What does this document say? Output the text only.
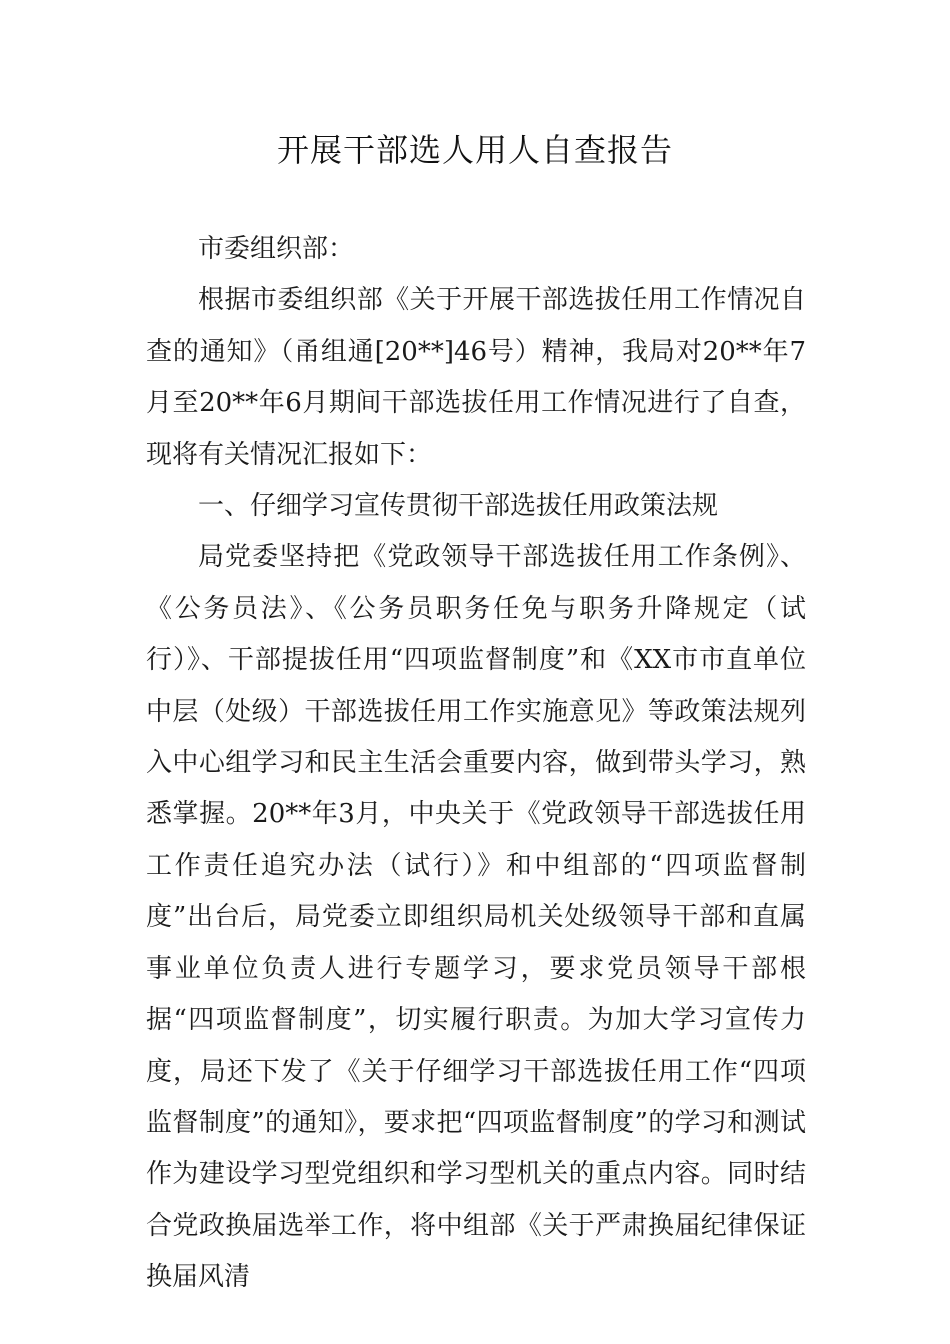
开展干部选人用人自查报告

市委组织部：

根据市委组织部《关于开展干部选拔任用工作情况自查的通知》（甬组通[20**]46号）精神，我局对20**年7月至20**年6月期间干部选拔任用工作情况进行了自查，现将有关情况汇报如下：

一、仔细学习宣传贯彻干部选拔任用政策法规

局党委坚持把《党政领导干部选拔任用工作条例》、《公务员法》、《公务员职务任免与职务升降规定（试行）》、干部提拔任用“四项监督制度”和《XX市市直单位中层（处级）干部选拔任用工作实施意见》等政策法规列入中心组学习和民主生活会重要内容，做到带头学习，熟悉掌握。20**年3月，中央关于《党政领导干部选拔任用工作责任追究办法（试行）》和中组部的“四项监督制度”出台后，局党委立即组织局机关处级领导干部和直属事业单位负责人进行专题学习，要求党员领导干部根据“四项监督制度”，切实履行职责。为加大学习宣传力度，局还下发了《关于仔细学习干部选拔任用工作“四项监督制度”的通知》，要求把“四项监督制度”的学习和测试作为建设学习型党组织和学习型机关的重点内容。同时结合党政换届选举工作，将中组部《关于严肃换届纪律保证换届风清
